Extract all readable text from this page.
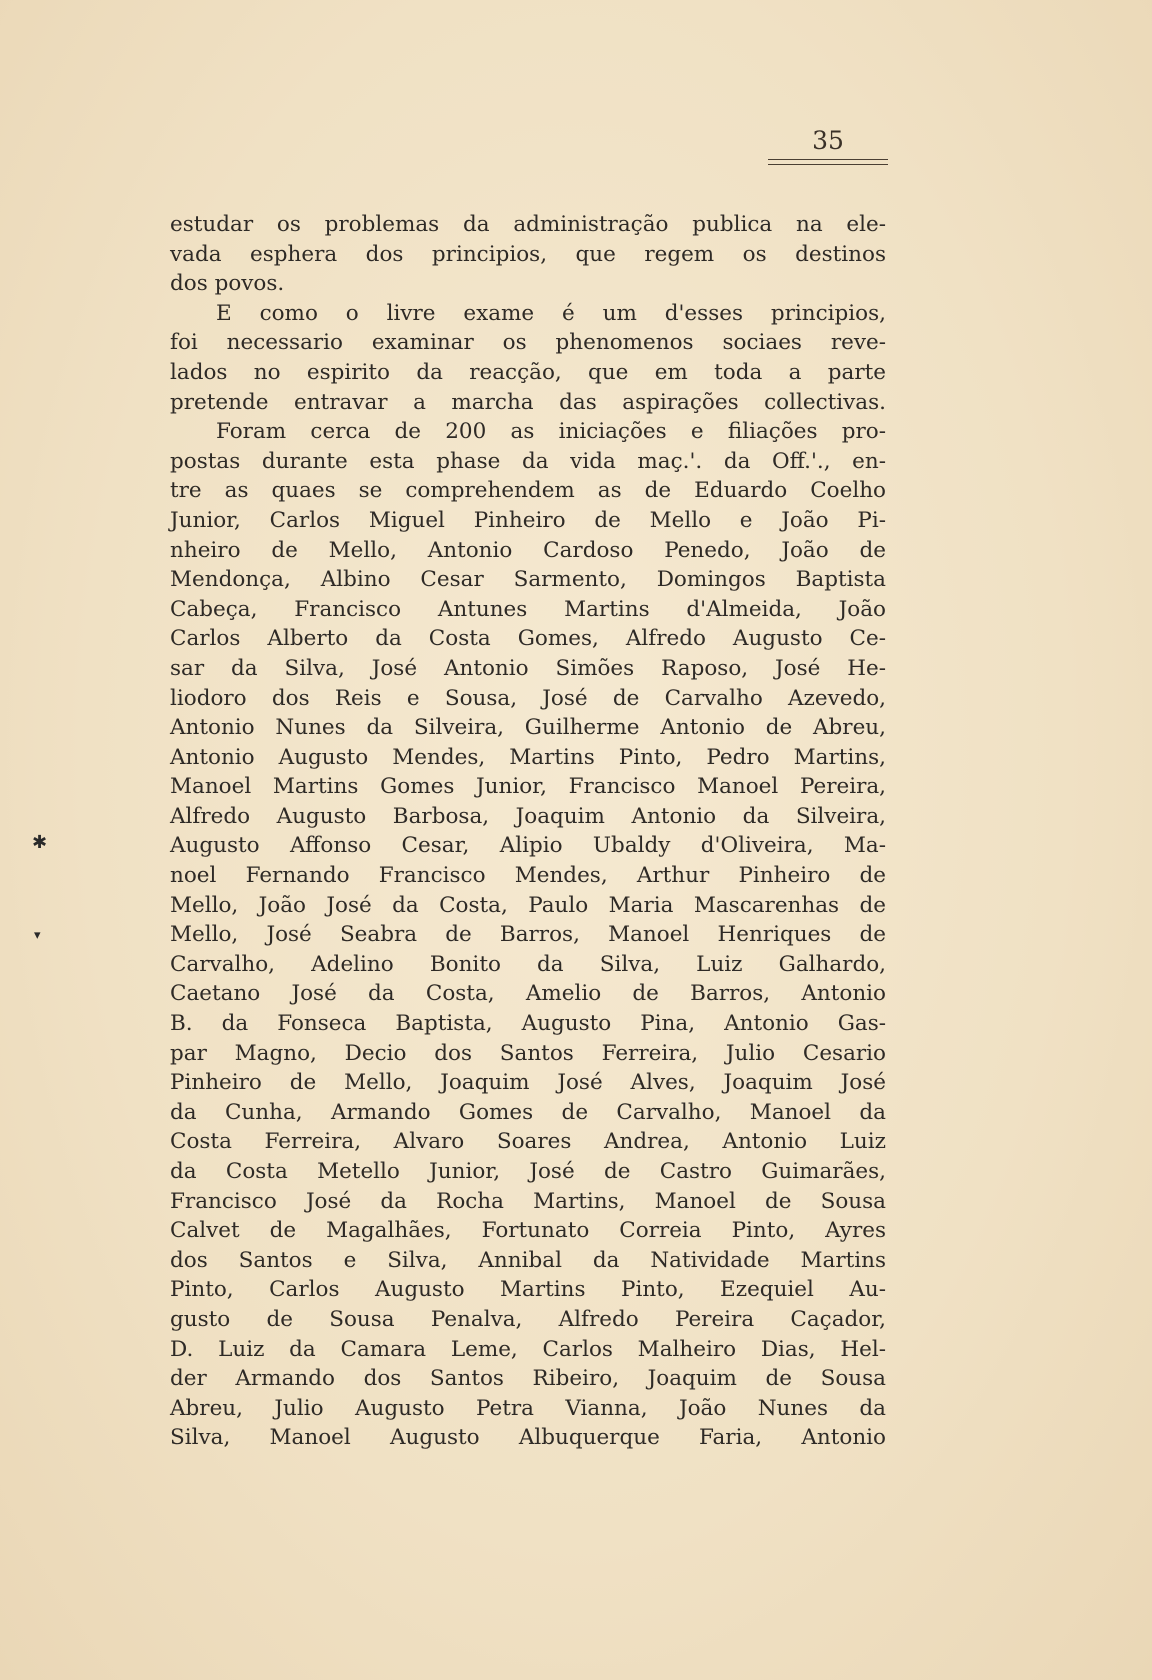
35
✱
▾
estudar os problemas da administração publica na ele-
vada esphera dos principios, que regem os destinos
dos povos.
E como o livre exame é um d'esses principios,
foi necessario examinar os phenomenos sociaes reve-
lados no espirito da reacção, que em toda a parte
pretende entravar a marcha das aspirações collectivas.
Foram cerca de 200 as iniciações e filiações pro-
postas durante esta phase da vida maç.'. da Off.'., en-
tre as quaes se comprehendem as de Eduardo Coelho
Junior, Carlos Miguel Pinheiro de Mello e João Pi-
nheiro de Mello, Antonio Cardoso Penedo, João de
Mendonça, Albino Cesar Sarmento, Domingos Baptista
Cabeça, Francisco Antunes Martins d'Almeida, João
Carlos Alberto da Costa Gomes, Alfredo Augusto Ce-
sar da Silva, José Antonio Simões Raposo, José He-
liodoro dos Reis e Sousa, José de Carvalho Azevedo,
Antonio Nunes da Silveira, Guilherme Antonio de Abreu,
Antonio Augusto Mendes, Martins Pinto, Pedro Martins,
Manoel Martins Gomes Junior, Francisco Manoel Pereira,
Alfredo Augusto Barbosa, Joaquim Antonio da Silveira,
Augusto Affonso Cesar, Alipio Ubaldy d'Oliveira, Ma-
noel Fernando Francisco Mendes, Arthur Pinheiro de
Mello, João José da Costa, Paulo Maria Mascarenhas de
Mello, José Seabra de Barros, Manoel Henriques de
Carvalho, Adelino Bonito da Silva, Luiz Galhardo,
Caetano José da Costa, Amelio de Barros, Antonio
B. da Fonseca Baptista, Augusto Pina, Antonio Gas-
par Magno, Decio dos Santos Ferreira, Julio Cesario
Pinheiro de Mello, Joaquim José Alves, Joaquim José
da Cunha, Armando Gomes de Carvalho, Manoel da
Costa Ferreira, Alvaro Soares Andrea, Antonio Luiz
da Costa Metello Junior, José de Castro Guimarães,
Francisco José da Rocha Martins, Manoel de Sousa
Calvet de Magalhães, Fortunato Correia Pinto, Ayres
dos Santos e Silva, Annibal da Natividade Martins
Pinto, Carlos Augusto Martins Pinto, Ezequiel Au-
gusto de Sousa Penalva, Alfredo Pereira Caçador,
D. Luiz da Camara Leme, Carlos Malheiro Dias, Hel-
der Armando dos Santos Ribeiro, Joaquim de Sousa
Abreu, Julio Augusto Petra Vianna, João Nunes da
Silva, Manoel Augusto Albuquerque Faria, Antonio
